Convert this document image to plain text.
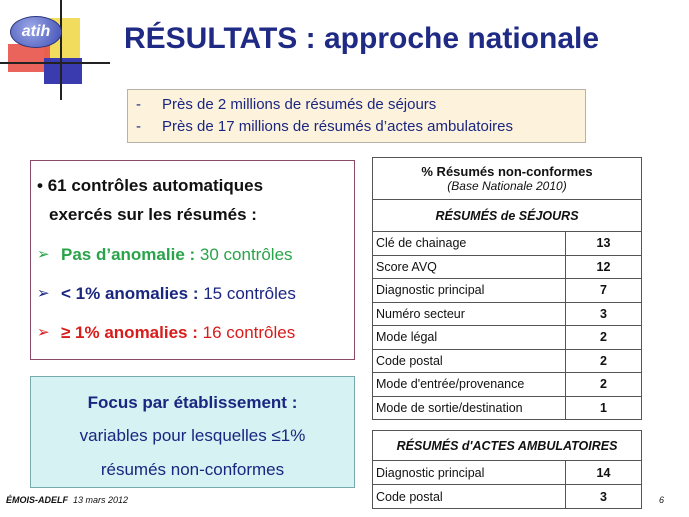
atih RÉSULTATS : approche nationale
-	Près de 2 millions de résumés de séjours
-	Près de 17 millions de résumés d’actes ambulatoires
• 61 contrôles automatiques
exercés sur les résumés :
➢ Pas d’anomalie :
30 contrôles
➢ < 1% anomalies :
15 contrôles
➢ ≥ 1% anomalies :
16 contrôles
Focus par établissement :
variables pour lesquelles ≤1%
résumés non-conformes
% Résumés non-conformes
(Base Nationale 2010)	

RÉSUMÉS de SÉJOURS	
Clé de chainage	13
Score AVQ	12
Diagnostic principal	7
Numéro secteur	3
Mode légal	2
Code postal	2
Mode d'entrée/provenance	2
Mode de sortie/destination	1
RÉSUMÉS d'ACTES AMBULATOIRES	
Diagnostic principal	14
Code postal	3
ÉMOIS-ADELF 13 mars 2012	6
